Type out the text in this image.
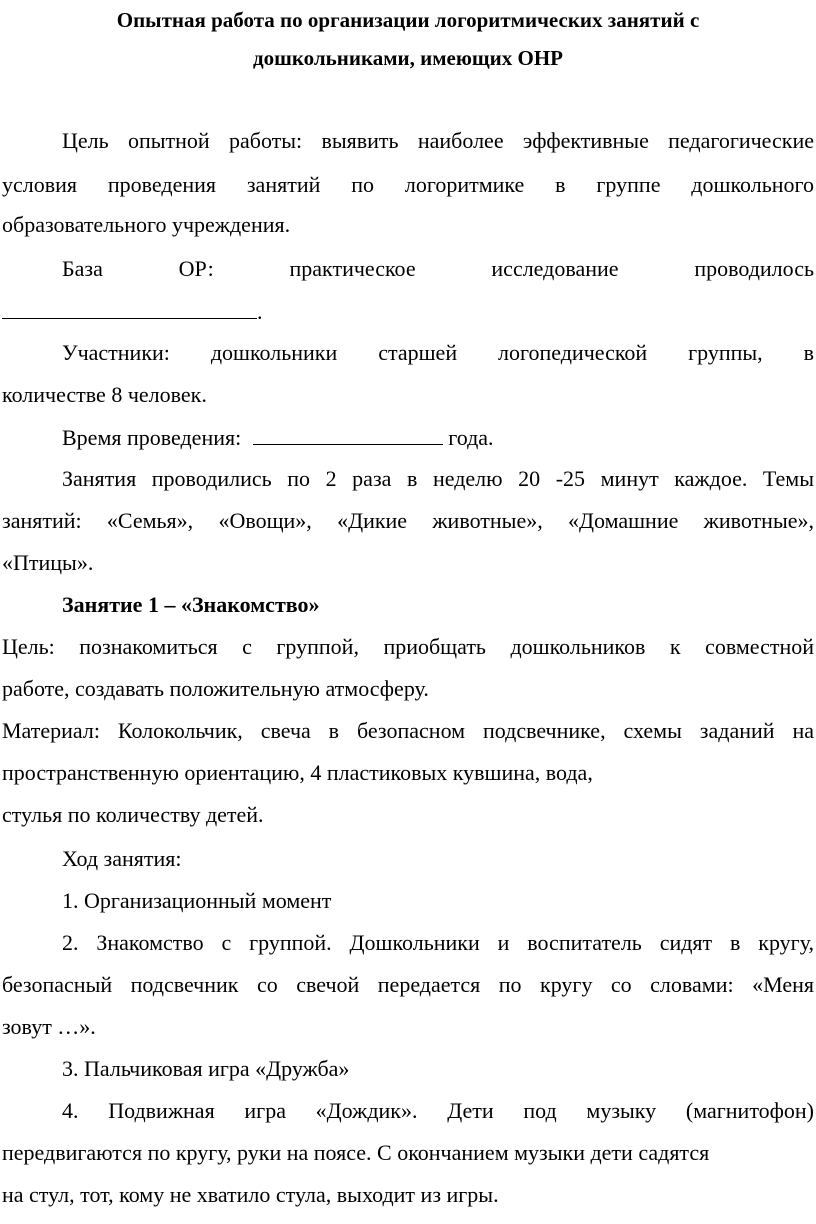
Опытная работа по организации логоритмических занятий с
дошкольниками, имеющих ОНР
Цель опытной работы: выявить наиболее эффективные педагогические
условия проведения занятий по логоритмике в группе дошкольного
образовательного учреждения.
База ОР: практическое исследование проводилось
.
Участники: дошкольники старшей логопедической группы, в
количестве 8 человек.
Время проведения:	года.
Занятия проводились по 2 раза в неделю 20 -25 минут каждое. Темы
занятий: «Семья», «Овощи», «Дикие животные», «Домашние животные»,
«Птицы».
Занятие 1 – «Знакомство»
Цель: познакомиться с группой, приобщать дошкольников к совместной
работе, создавать положительную атмосферу.
Материал: Колокольчик, свеча в безопасном подсвечнике, схемы заданий на
пространственную ориентацию, 4 пластиковых кувшина, вода,
стулья по количеству детей.
Ход занятия:
1. Организационный момент
2. Знакомство с группой. Дошкольники и воспитатель сидят в кругу,
безопасный подсвечник со свечой передается по кругу со словами: «Меня
зовут …».
3. Пальчиковая игра «Дружба»
4. Подвижная игра «Дождик». Дети под музыку (магнитофон)
передвигаются по кругу, руки на поясе. С окончанием музыки дети садятся
на стул, тот, кому не хватило стула, выходит из игры.
